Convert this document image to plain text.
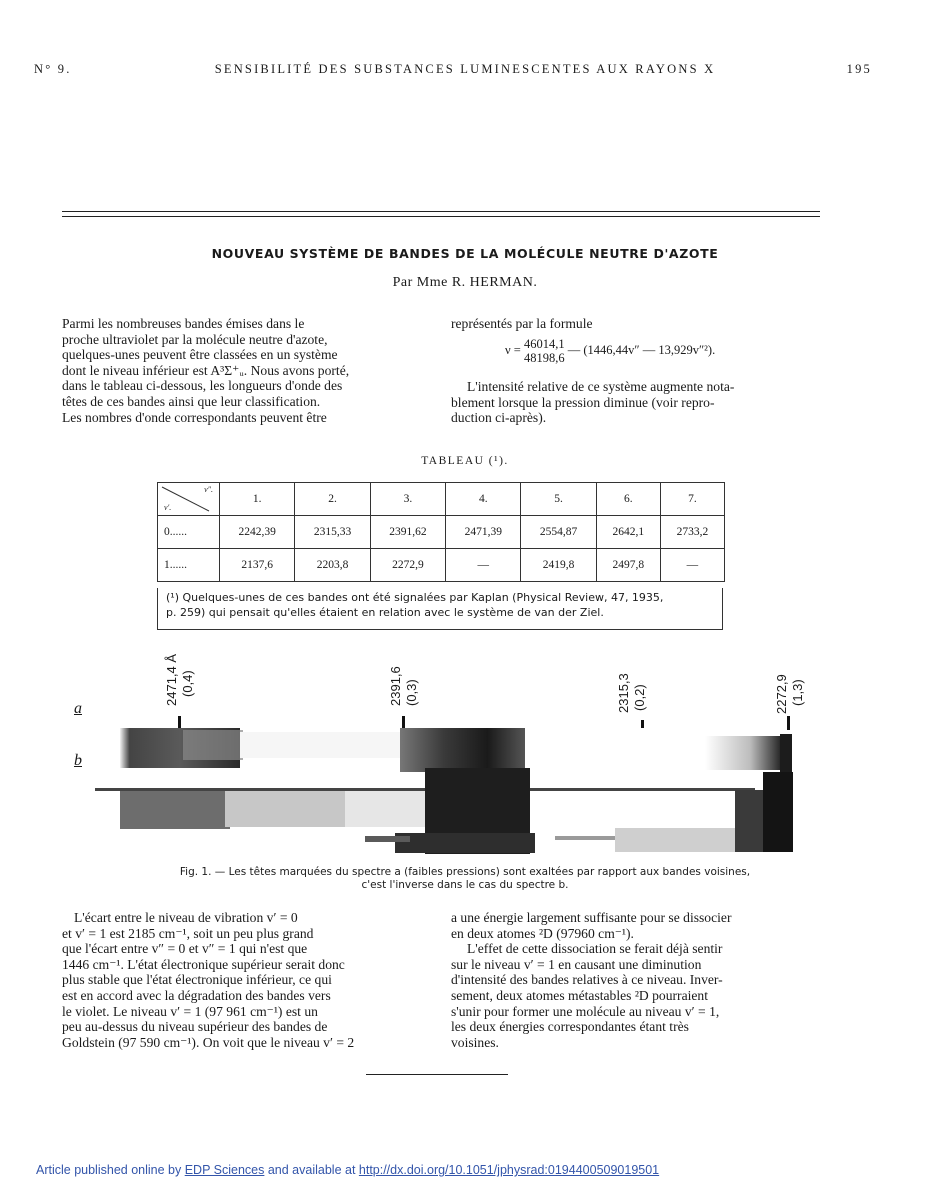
N° 9.	SENSIBILITÉ DES SUBSTANCES LUMINESCENTES AUX RAYONS X	195
NOUVEAU SYSTÈME DE BANDES DE LA MOLÉCULE NEUTRE D'AZOTE
Par Mme R. HERMAN.
Parmi les nombreuses bandes émises dans le
proche ultraviolet par la molécule neutre d'azote,
quelques-unes peuvent être classées en un système
dont le niveau inférieur est A³Σ⁺ᵤ. Nous avons porté,
dans le tableau ci-dessous, les longueurs d'onde des
têtes de ces bandes ainsi que leur classification.
Les nombres d'onde correspondants peuvent être
représentés par la formule
ν = 46014,1
48198,6
— (1446,44v″ — 13,929v″²).
L'intensité relative de ce système augmente nota-
blement lorsque la pression diminue (voir repro-
duction ci-après).
TABLEAU (¹).
v″.
v′.	1.	2.	3.	4.	5.	6.	7.
0......	2242,39	2315,33	2391,62	2471,39	2554,87	2642,1	2733,2
1......	2137,6	2203,8	2272,9	—	2419,8	2497,8	—
(¹) Quelques-unes de ces bandes ont été signalées par Kaplan (Physical Review, 47, 1935,
p. 259) qui pensait qu'elles étaient en relation avec le système de van der Ziel.
a
b
2471,4 Å (0,4)	2391,6 (0,3)	2315,3 (0,2)	2272,9 (1,3)
Fig. 1. — Les têtes marquées du spectre a (faibles pressions) sont exaltées par rapport aux bandes voisines,
c'est l'inverse dans le cas du spectre b.
L'écart entre le niveau de vibration v′ = 0
et v′ = 1 est 2185 cm⁻¹, soit un peu plus grand
que l'écart entre v″ = 0 et v″ = 1 qui n'est que
1446 cm⁻¹. L'état électronique supérieur serait donc
plus stable que l'état électronique inférieur, ce qui
est en accord avec la dégradation des bandes vers
le violet. Le niveau v′ = 1 (97 961 cm⁻¹) est un
peu au-dessus du niveau supérieur des bandes de
Goldstein (97 590 cm⁻¹). On voit que le niveau v′ = 2
a une énergie largement suffisante pour se dissocier
en deux atomes ²D (97960 cm⁻¹).
L'effet de cette dissociation se ferait déjà sentir
sur le niveau v′ = 1 en causant une diminution
d'intensité des bandes relatives à ce niveau. Inver-
sement, deux atomes métastables ²D pourraient
s'unir pour former une molécule au niveau v′ = 1,
les deux énergies correspondantes étant très
voisines.
Article published online by EDP Sciences and available at http://dx.doi.org/10.1051/jphysrad:0194400509019501
